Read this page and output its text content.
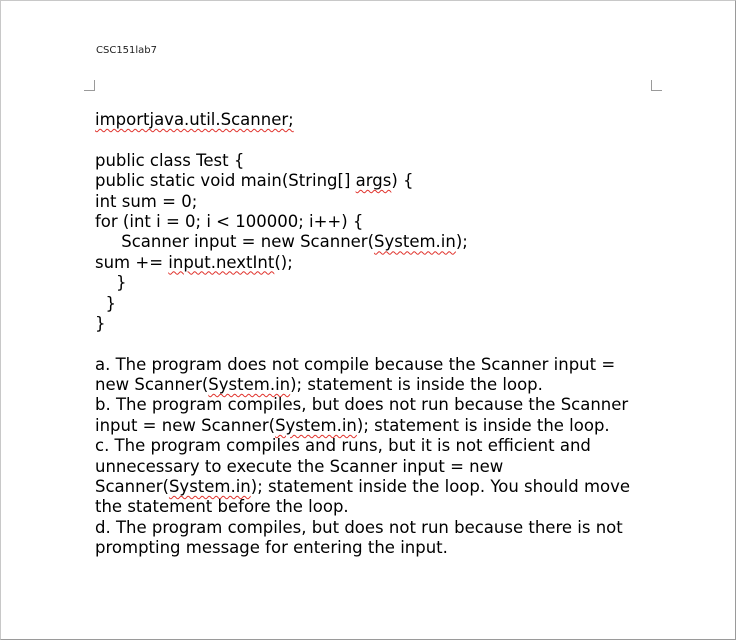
CSC151lab7
importjava.util.Scanner;
public class Test {
public static void main(String[] args) {
int sum = 0;
for (int i = 0; i < 100000; i++) {
Scanner input = new Scanner(System.in);
sum += input.nextInt();
}
}
}
a. The program does not compile because the Scanner input =
new Scanner(System.in); statement is inside the loop.
b. The program compiles, but does not run because the Scanner
input = new Scanner(System.in); statement is inside the loop.
c. The program compiles and runs, but it is not efficient and
unnecessary to execute the Scanner input = new
Scanner(System.in); statement inside the loop. You should move
the statement before the loop.
d. The program compiles, but does not run because there is not
prompting message for entering the input.
